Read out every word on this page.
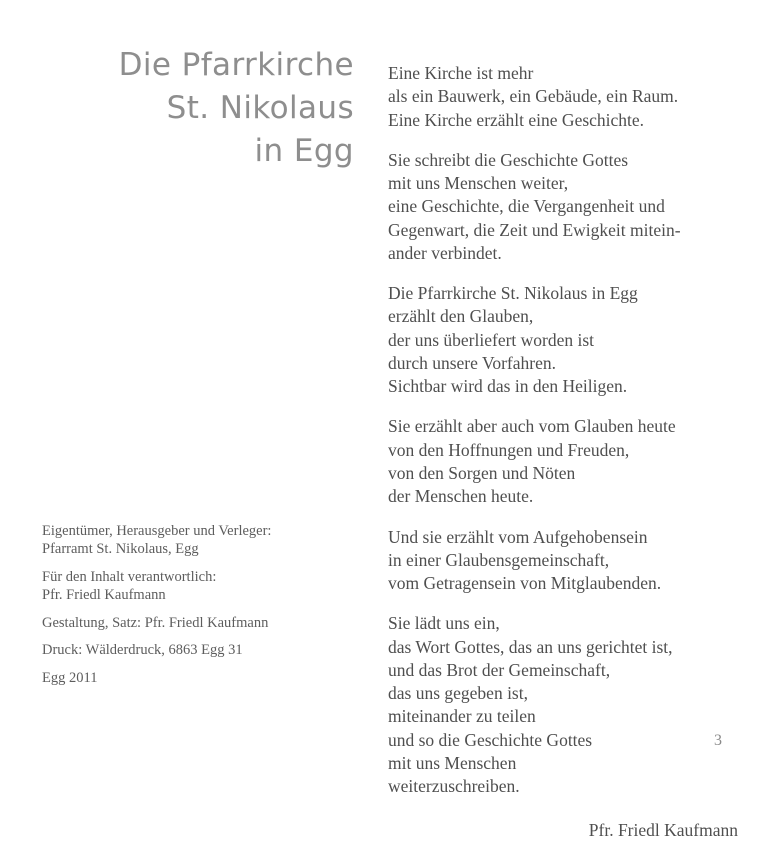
Die Pfarrkirche
St. Nikolaus
in Egg
Eigentümer, Herausgeber und Verleger:
Pfarramt St. Nikolaus, Egg
Für den Inhalt verantwortlich:
Pfr. Friedl Kaufmann
Gestaltung, Satz: Pfr. Friedl Kaufmann
Druck: Wälderdruck, 6863 Egg 31
Egg 2011

Eine Kirche ist mehr
als ein Bauwerk, ein Gebäude, ein Raum.
Eine Kirche erzählt eine Geschichte.

Sie schreibt die Geschichte Gottes
mit uns Menschen weiter,
eine Geschichte, die Vergangenheit und
Gegenwart, die Zeit und Ewigkeit mitein-
ander verbindet.

Die Pfarrkirche St. Nikolaus in Egg
erzählt den Glauben,
der uns überliefert worden ist
durch unsere Vorfahren.
Sichtbar wird das in den Heiligen.

Sie erzählt aber auch vom Glauben heute
von den Hoffnungen und Freuden,
von den Sorgen und Nöten
der Menschen heute.

Und sie erzählt vom Aufgehobensein
in einer Glaubensgemeinschaft,
vom Getragensein von Mitglaubenden.

Sie lädt uns ein,
das Wort Gottes, das an uns gerichtet ist,
und das Brot der Gemeinschaft,
das uns gegeben ist,
miteinander zu teilen
und so die Geschichte Gottes
mit uns Menschen
weiterzuschreiben.

Pfr. Friedl Kaufmann
3
